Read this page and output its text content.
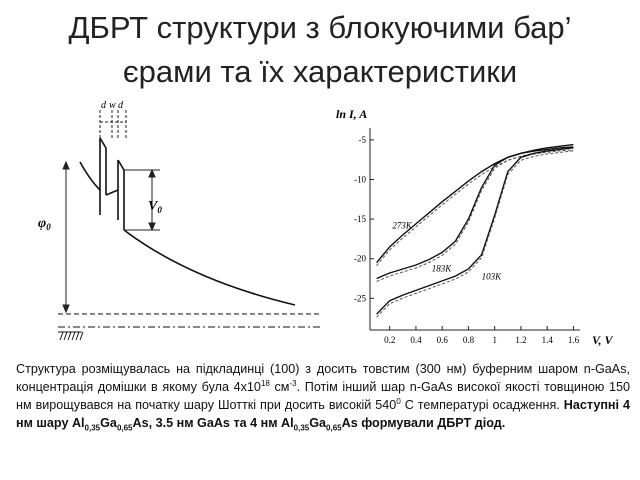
ДБРТ структури з блокуючими бар’
єрами та їх характеристики
d w d
$V_0$
$\varphi_0$
ln I, A
V, V
0.2 0.4 0.6 0.8 1 1.2 1.4 1.6
-5
-10
-15
-20
-25
273K
183K
103K
Структура розміщувалась на підкладинці (100) з досить товстим (300 нм) буферним шаром n-GaAs, концентрація домішки в якому була $4x10^{18}$ $см^{-3}$. Потім інший шар n-GaAs високої якості товщиною 150 нм вирощувався на початку шару Шотткі при досить високій $540^0$ С температурі осадження. Наступні 4 нм шару $Al_{0,35}Ga_{0,65}As$, 3.5 нм GaAs та 4 нм $Al_{0,35}Ga_{0,65}As$ формували ДБРТ діод.
